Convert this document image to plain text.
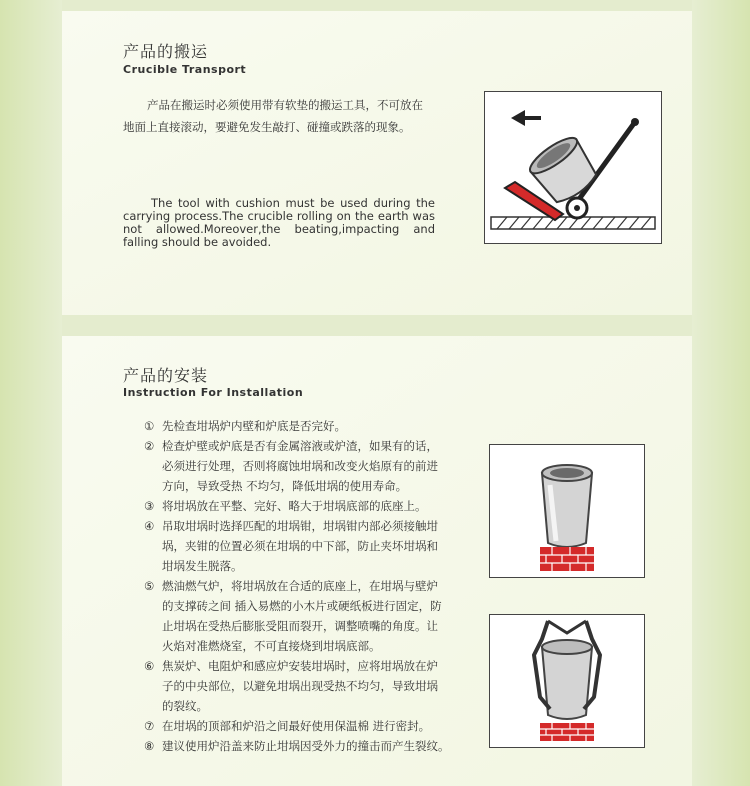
产品的搬运
Crucible Transport

产品在搬运时必须使用带有软垫的搬运工具，不可放在地面上直接滚动，要避免发生敲打、碰撞或跌落的现象。

The tool with cushion must be used during the carrying process.The crucible rolling on the earth was not allowed.Moreover,the beating,impacting and falling should be avoided.

产品的安装
Instruction For Installation
① 先检查坩埚炉内壁和炉底是否完好。
② 检查炉壁或炉底是否有金属溶液或炉渣，如果有的话，必须进行处理，否则将腐蚀坩埚和改变火焰原有的前进方向，导致受热 不均匀，降低坩埚的使用寿命。
③ 将坩埚放在平整、完好、略大于坩埚底部的底座上。
④ 吊取坩埚时选择匹配的坩埚钳，坩埚钳内部必须接触坩埚，夹钳的位置必须在坩埚的中下部，防止夹坏坩埚和坩埚发生脱落。
⑤ 燃油燃气炉，将坩埚放在合适的底座上，在坩埚与壁炉的支撑砖之间 插入易燃的小木片或硬纸板进行固定，防止坩埚在受热后膨胀受阻而裂开，调整喷嘴的角度。让火焰对准燃烧室，不可直接烧到坩埚底部。
⑥ 焦炭炉、电阻炉和感应炉安装坩埚时，应将坩埚放在炉子的中央部位，以避免坩埚出现受热不均匀，导致坩埚的裂纹。
⑦ 在坩埚的顶部和炉沿之间最好使用保温棉 进行密封。
⑧ 建议使用炉沿盖来防止坩埚因受外力的撞击而产生裂纹。
